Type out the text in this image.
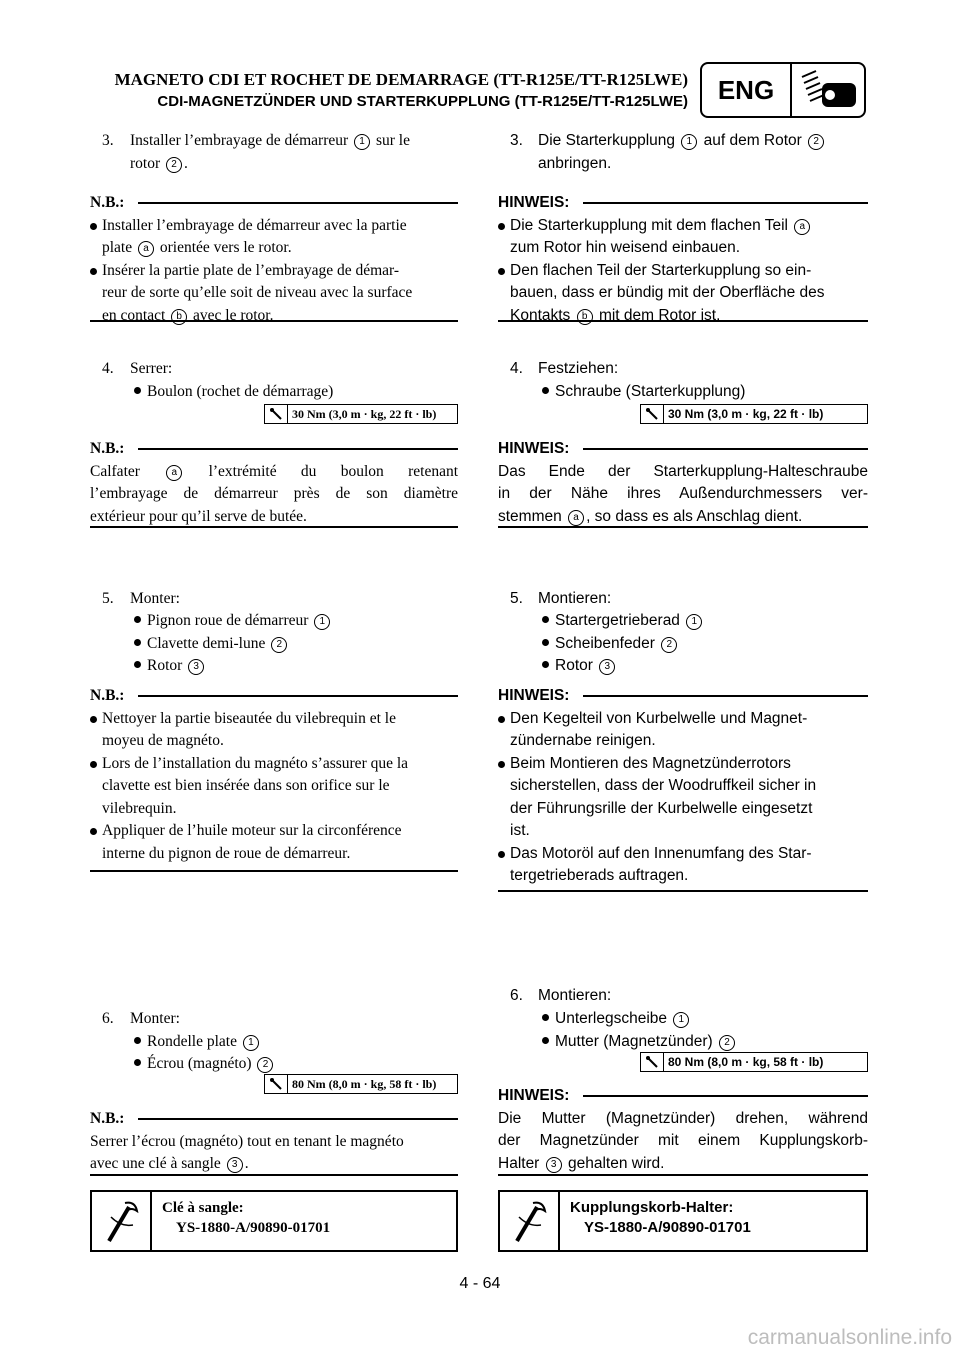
MAGNETO CDI ET ROCHET DE DEMARRAGE (TT-R125E/TT-R125LWE)
CDI-MAGNETZÜNDER UND STARTERKUPPLUNG (TT-R125E/TT-R125LWE)	ENG
3. Installer l’embrayage de démarreur 1 sur le
rotor 2 .
N.B.:
Installer l’embrayage de démarreur avec la partie
plate a orientée vers le rotor.
Insérer la partie plate de l’embrayage de démar-
reur de sorte qu’elle soit de niveau avec la surface
en contact b avec le rotor.
4. Serrer:
Boulon (rochet de démarrage)
30 Nm (3,0 m · kg, 22 ft · lb)
N.B.:
Calfater	a l’extrémité du boulon retenant
l’embrayage de démarreur près de son diamètre
extérieur pour qu’il serve de butée.
5. Monter:
Pignon roue de démarreur 1
Clavette demi-lune 2
Rotor 3
N.B.:
Nettoyer la partie biseautée du vilebrequin et le
moyeu de magnéto.
Lors de l’installation du magnéto s’assurer que la
clavette est bien insérée dans son orifice sur le
vilebrequin.
Appliquer de l’huile moteur sur la circonférence
interne du pignon de roue de démarreur.
6. Monter:
Rondelle plate 1
Écrou (magnéto) 2
80 Nm (8,0 m · kg, 58 ft · lb)
N.B.:
Serrer l’écrou (magnéto) tout en tenant le magnéto
avec une clé à sangle 3 .
Clé à sangle:
YS-1880-A/90890-01701
3. Die Starterkupplung 1 auf dem Rotor 2
anbringen.
HINWEIS:
Die Starterkupplung mit dem flachen Teil a
zum Rotor hin weisend einbauen.
Den flachen Teil der Starterkupplung so ein-
bauen, dass er bündig mit der Oberfläche des
Kontakts b mit dem Rotor ist.
4. Festziehen:
Schraube (Starterkupplung)
30 Nm (3,0 m · kg, 22 ft · lb)
HINWEIS:
Das Ende der Starterkupplung-Halteschraube
in der Nähe ihres Außendurchmessers ver-
stemmen a , so dass es als Anschlag dient.
5. Montieren:
Startergetrieberad 1
Scheibenfeder 2
Rotor 3
HINWEIS:
Den Kegelteil von Kurbelwelle und Magnet-
zündernabe reinigen.
Beim Montieren des Magnetzünderrotors
sicherstellen, dass der Woodruffkeil sicher in
der Führungsrille der Kurbelwelle eingesetzt
ist.
Das Motoröl auf den Innenumfang des Star-
tergetrieberads auftragen.
6. Montieren:
Unterlegscheibe 1
Mutter (Magnetzünder) 2
80 Nm (8,0 m · kg, 58 ft · lb)
HINWEIS:
Die Mutter (Magnetzünder) drehen, während
der Magnetzünder mit einem Kupplungskorb-
Halter 3 gehalten wird.
Kupplungskorb-Halter:
YS-1880-A/90890-01701
4 - 64
carmanualsonline.info
